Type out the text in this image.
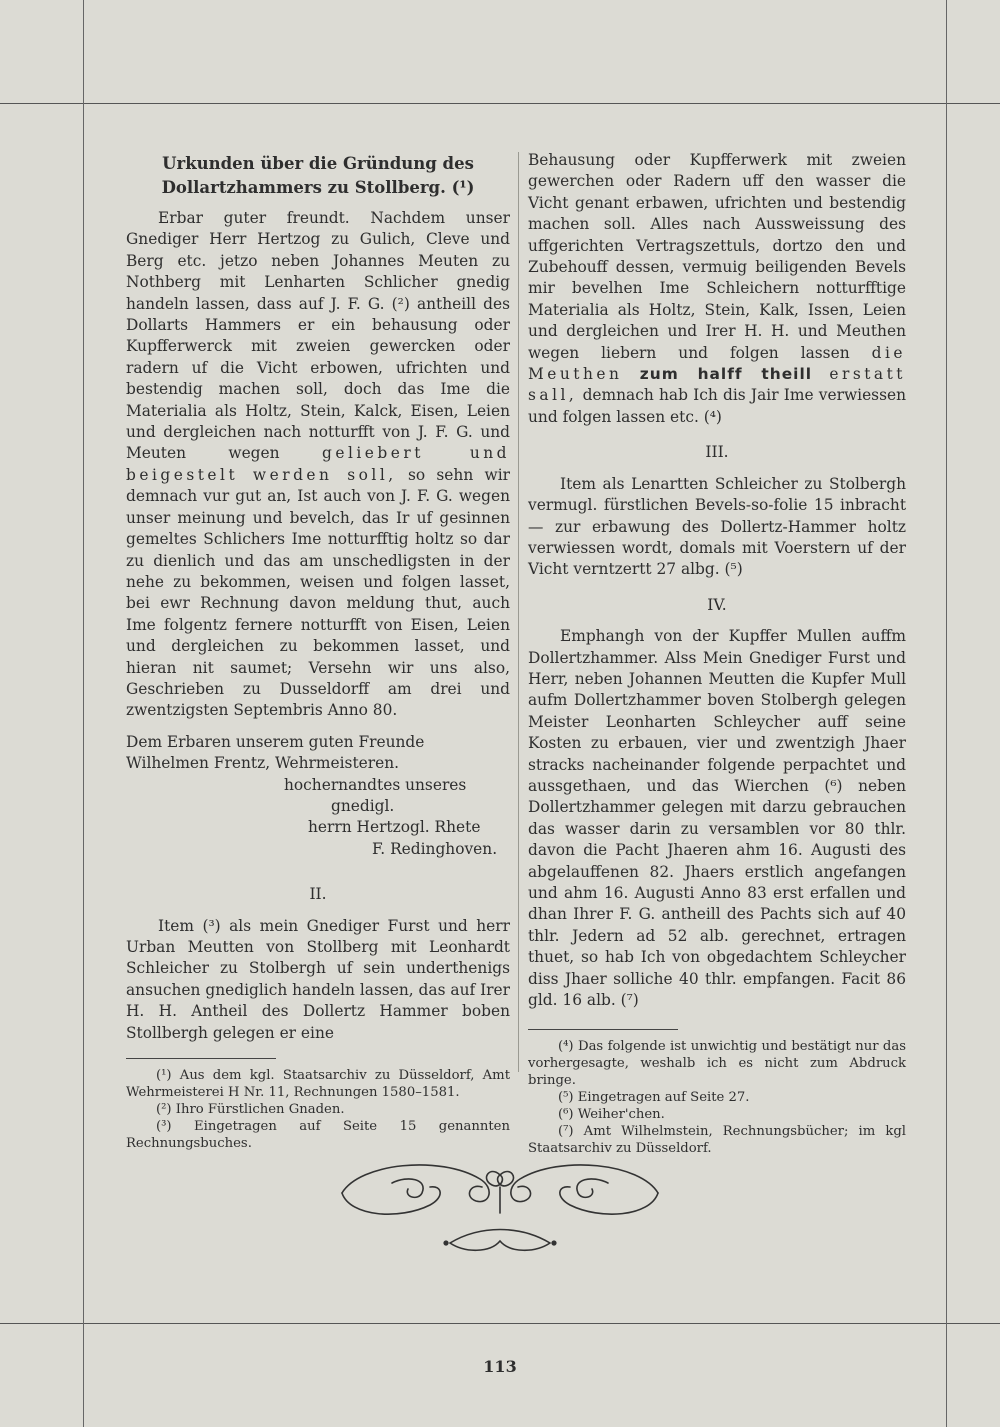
Urkunden über die Gründung des Dollartzhammers zu Stollberg. (¹)

Erbar guter freundt. Nachdem unser Gnediger Herr Hertzog zu Gulich, Cleve und Berg etc. jetzo neben Johannes Meuten zu Nothberg mit Lenharten Schlicher gnedig handeln lassen, dass auf J. F. G. (²) antheill des Dollarts Hammers er ein behausung oder Kupfferwerck mit zweien gewercken oder radern uf die Vicht erbowen, ufrichten und bestendig machen soll, doch das Ime die Materialia als Holtz, Stein, Kalck, Eisen, Leien und dergleichen nach notturfft von J. F. G. und Meuten wegen	geliebert und beigestelt werden soll, so sehn wir demnach vur gut an, Ist auch von J. F. G. wegen unser meinung und bevelch, das Ir uf gesinnen gemeltes Schlichers Ime notturfftig holtz so dar zu dienlich und das am unschedligsten in der nehe zu bekommen, weisen und folgen lasset, bei ewr Rechnung davon meldung thut, auch Ime folgentz fernere notturfft von Eisen, Leien und dergleichen zu bekommen lasset, und hieran nit saumet; Versehn wir uns also, Geschrieben zu Dusseldorff am drei und zwentzigsten Septembris Anno 80.

Dem Erbaren unserem guten Freunde

Wilhelmen Frentz, Wehrmeisteren.

hochernandtes unseres

gnedigl.

herrn Hertzogl. Rhete

F. Redinghoven.

II.

Item (³) als mein Gnediger Furst und herr Urban Meutten von Stollberg mit Leonhardt Schleicher zu Stolbergh uf sein underthenigs ansuchen gnediglich handeln lassen, das auf Irer H. H. Antheil des Dollertz Hammer boben Stollbergh gelegen er eine

(¹) Aus dem kgl. Staatsarchiv zu Düsseldorf, Amt Wehrmeisterei H Nr. 11, Rechnungen 1580–1581.

(²) Ihro Fürstlichen Gnaden.

(³) Eingetragen auf Seite 15 genannten Rechnungsbuches.

Behausung oder Kupfferwerk mit zweien gewerchen oder Radern uff den wasser die Vicht genant erbawen, ufrichten und bestendig machen soll. Alles nach Aussweissung des uffgerichten Vertragszettuls, dortzo den und Zubehouff dessen, vermuig beiligenden Bevels mir bevelhen Ime Schleichern notturfftige Materialia als Holtz, Stein, Kalk, Issen, Leien und dergleichen und Irer H. H. und Meuthen wegen liebern und folgen lassen die Meuthen zum halff theill erstatt sall, demnach hab Ich dis Jair Ime verwiessen und folgen lassen etc. (⁴)

III.

Item als Lenartten Schleicher zu Stolbergh vermugl. fürstlichen Bevels-so-folie 15 inbracht — zur erbawung des Dollertz-Hammer holtz verwiessen wordt, domals mit Voerstern uf der Vicht verntzertt 27 albg. (⁵)

IV.

Emphangh von der Kupffer Mullen auffm Dollertzhammer. Alss Mein Gnediger Furst und Herr, neben Johannen Meutten die Kupfer Mull aufm Dollertzhammer boven Stolbergh gelegen Meister Leonharten Schleycher auff seine Kosten zu erbauen, vier und zwentzigh Jhaer stracks nacheinander folgende perpachtet und aussgethaen, und das Wierchen (⁶) neben Dollertzhammer gelegen mit darzu gebrauchen das wasser darin zu versamblen vor 80 thlr. davon die Pacht Jhaeren ahm 16. Augusti des abgelauffenen 82. Jhaers erstlich angefangen und ahm 16. Augusti Anno 83 erst erfallen und dhan Ihrer F. G. antheill des Pachts sich auf 40 thlr. Jedern ad 52 alb. gerechnet, ertragen thuet, so hab Ich von obgedachtem Schleycher diss Jhaer solliche 40 thlr. empfangen. Facit 86 gld. 16 alb. (⁷)

(⁴) Das folgende ist unwichtig und bestätigt nur das vorhergesagte, weshalb ich es nicht zum Abdruck bringe.

(⁵) Eingetragen auf Seite 27.

(⁶) Weiher'chen.

(⁷) Amt Wilhelmstein, Rechnungsbücher; im kgl Staatsarchiv zu Düsseldorf.

113
